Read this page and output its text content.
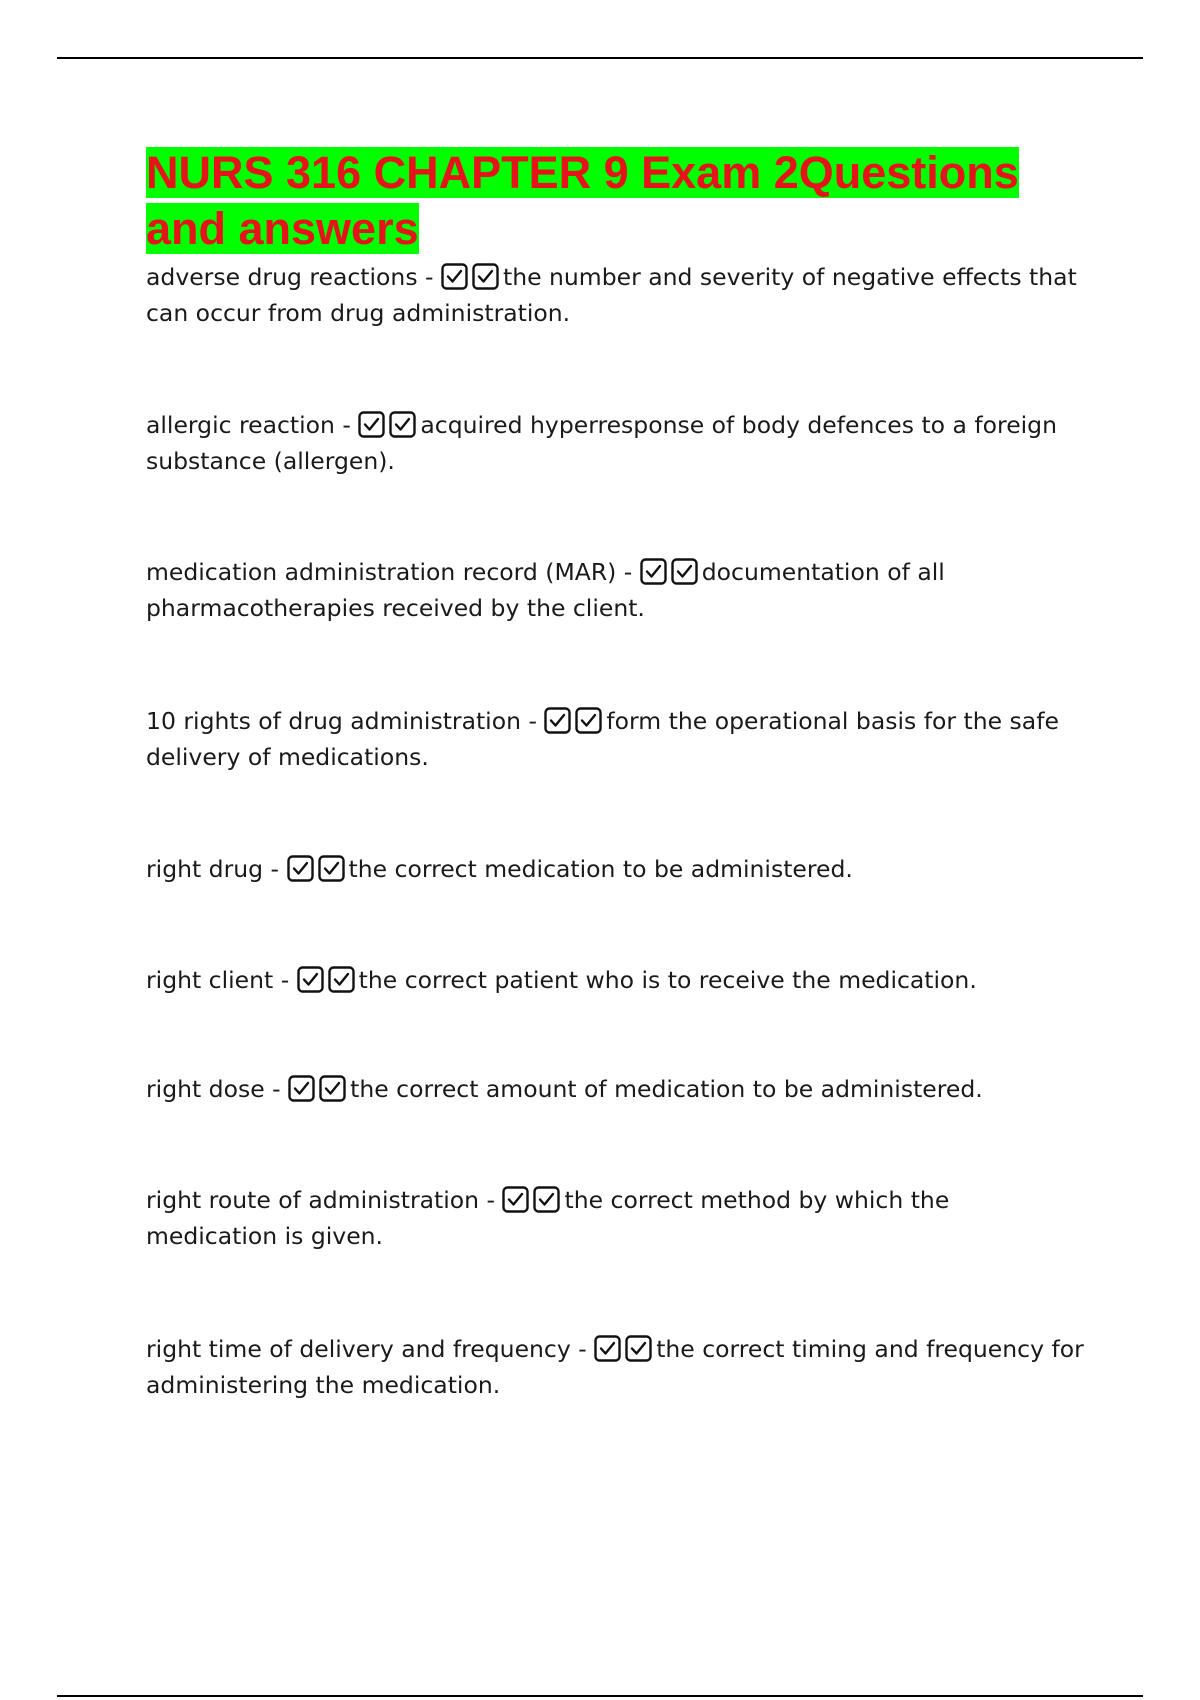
NURS 316 CHAPTER 9 Exam 2Questions and answers
adverse drug reactions -	the number and severity of negative effects that can occur from drug administration.
allergic reaction -	acquired hyperresponse of body defences to a foreign substance (allergen).
medication administration record (MAR) -	documentation of all pharmacotherapies received by the client.
10 rights of drug administration -	form the operational basis for the safe delivery of medications.
right drug -	the correct medication to be administered.
right client -	the correct patient who is to receive the medication.
right dose -	the correct amount of medication to be administered.
right route of administration -	the correct method by which the medication is given.
right time of delivery and frequency -	the correct timing and frequency for administering the medication.
